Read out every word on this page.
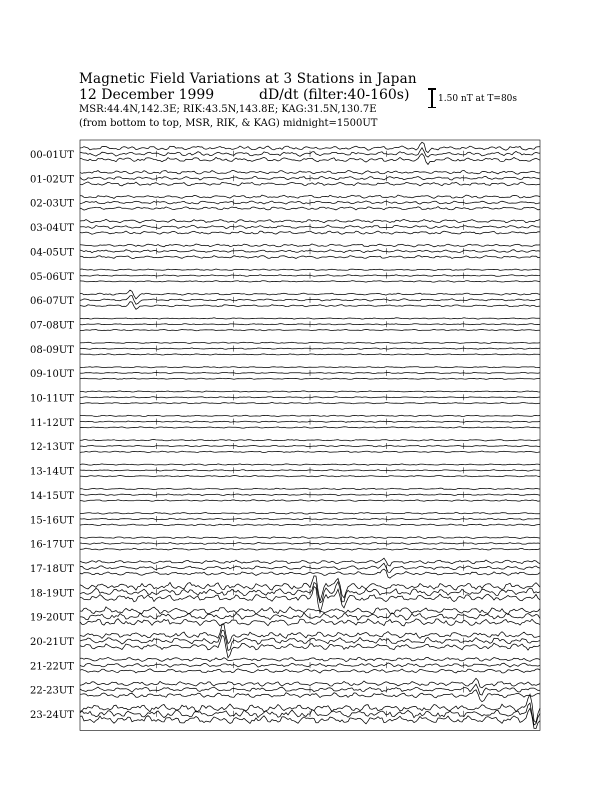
Magnetic Field Variations at 3 Stations in Japan

12 December 1999	dD/dt (filter:40-160s)

MSR:44.4N,142.3E; RIK:43.5N,143.8E; KAG:31.5N,130.7E

(from bottom to top, MSR, RIK, & KAG) midnight=1500UT

1.50 nT at T=80s
00-01UT
01-02UT
02-03UT
03-04UT
04-05UT
05-06UT
06-07UT
07-08UT
08-09UT
09-10UT
10-11UT
11-12UT
12-13UT
13-14UT
14-15UT
15-16UT
16-17UT
17-18UT
18-19UT
19-20UT
20-21UT
21-22UT
22-23UT
23-24UT
